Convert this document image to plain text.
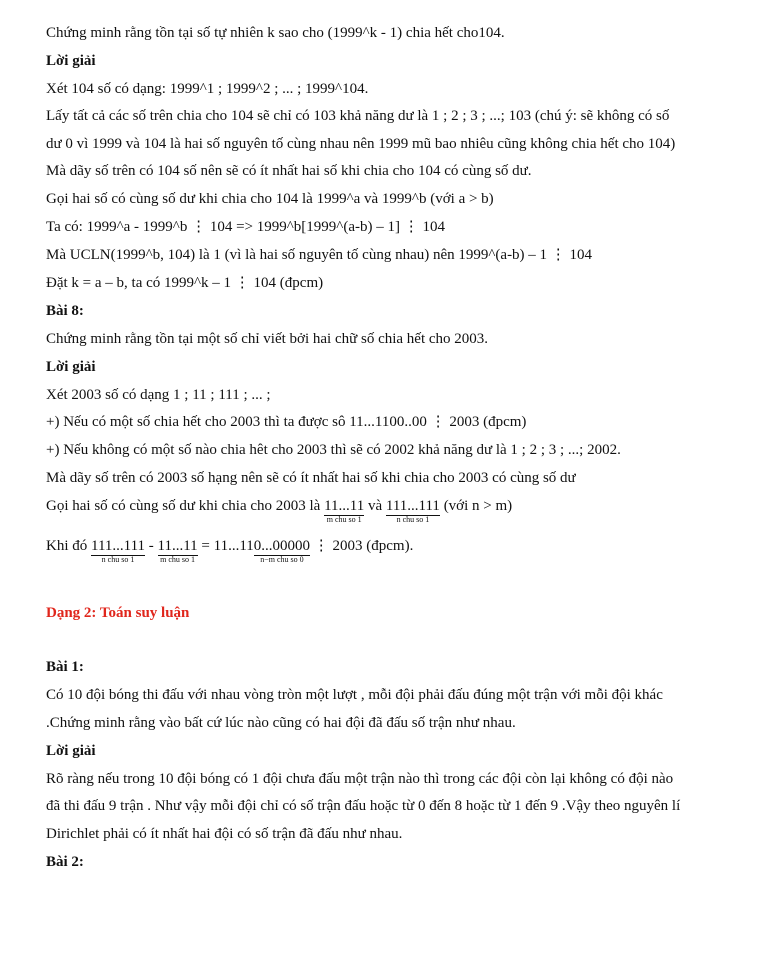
Chứng minh rằng tồn tại số tự nhiên k sao cho (1999^k - 1) chia hết cho104.
Lời giải
Xét 104 số có dạng: 1999^1 ; 1999^2 ; ... ; 1999^104.
Lấy tất cả các số trên chia cho 104 sẽ chỉ có 103 khả năng dư là 1 ; 2 ; 3 ; ...; 103 (chú ý: sẽ không có số
dư 0 vì 1999 và 104 là hai số nguyên tố cùng nhau nên 1999 mũ bao nhiêu cũng không chia hết cho 104)
Mà dãy số trên có 104 số nên sẽ có ít nhất hai số khi chia cho 104 có cùng số dư.
Gọi hai số có cùng số dư khi chia cho 104 là 1999^a và 1999^b (với a > b)
Ta có: 1999^a - 1999^b ⋮ 104 => 1999^b[1999^(a-b) – 1] ⋮ 104
Mà UCLN(1999^b, 104) là 1 (vì là hai số nguyên tố cùng nhau) nên 1999^(a-b) – 1 ⋮ 104
Đặt k = a – b, ta có 1999^k – 1 ⋮ 104 (đpcm)
Bài 8:
Chứng minh rằng tồn tại một số chỉ viết bởi hai chữ số chia hết cho 2003.
Lời giải
Xét 2003 số có dạng 1 ; 11 ; 111 ; ... ;
+) Nếu có một số chia hết cho 2003 thì ta được sô 11...1100..00 ⋮ 2003 (đpcm)
+) Nếu không có một số nào chia hêt cho 2003 thì sẽ có 2002 khả năng dư là 1 ; 2 ; 3 ; ...; 2002.
Mà dãy số trên có 2003 số hạng nên sẽ có ít nhất hai số khi chia cho 2003 có cùng số dư
Gọi hai số có cùng số dư khi chia cho 2003 là 11...11
m chu so 1
và 111...111
n chu so 1
(với n > m)
Khi đó 111...111
n chu so 1
- 11...11
m chu so 1
= 11...110...00000
n−m chu so 0
⋮ 2003 (đpcm).
Dạng 2: Toán suy luận
Bài 1:
Có 10 đội bóng thi đấu với nhau vòng tròn một lượt , mỗi đội phải đấu đúng một trận với mỗi đội khác
.Chứng minh rằng vào bất cứ lúc nào cũng có hai đội đã đấu số trận như nhau.
Lời giải
Rõ ràng nếu trong 10 đội bóng có 1 đội chưa đấu một trận nào thì trong các đội còn lại không có đội nào
đã thi đấu 9 trận . Như vậy mỗi đội chỉ có số trận đấu hoặc từ 0 đến 8 hoặc từ 1 đến 9 .Vậy theo nguyên lí
Dirichlet phải có ít nhất hai đội có số trận đã đấu như nhau.
Bài 2:
